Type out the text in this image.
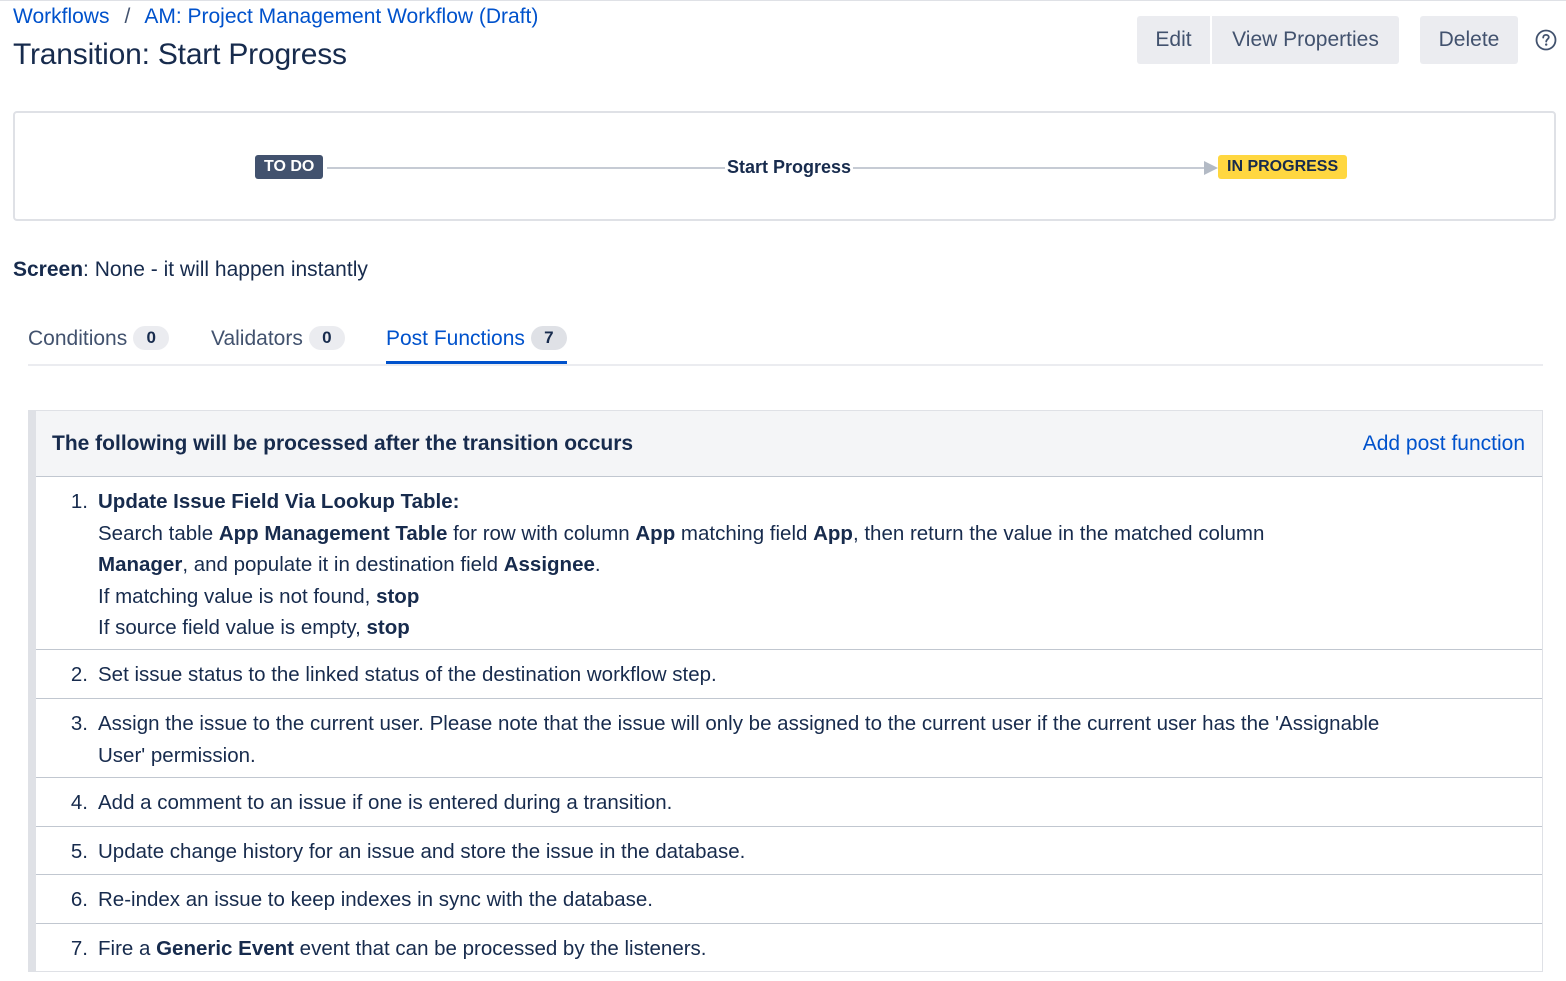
Workflows / AM: Project Management Workflow (Draft)
Transition: Start Progress	Edit	View Properties	Delete
TO DO	Start Progress	IN PROGRESS
Screen: None - it will happen instantly
Conditions 0	Validators 0	Post Functions 7
The following will be processed after the transition occurs	Add post function
1. Update Issue Field Via Lookup Table:
Search table App Management Table for row with column App matching field App, then return the value in the matched column
Manager, and populate it in destination field Assignee.
If matching value is not found, stop
If source field value is empty, stop
2. Set issue status to the linked status of the destination workflow step.
3. Assign the issue to the current user. Please note that the issue will only be assigned to the current user if the current user has the 'Assignable User' permission.
4. Add a comment to an issue if one is entered during a transition.
5. Update change history for an issue and store the issue in the database.
6. Re-index an issue to keep indexes in sync with the database.
7. Fire a Generic Event event that can be processed by the listeners.
